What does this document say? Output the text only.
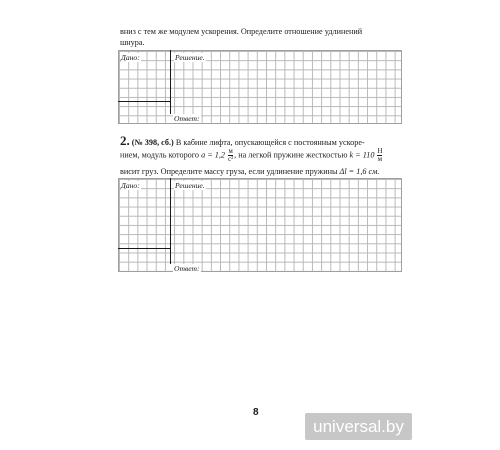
вниз с тем же модулем ускорения. Определите отношение удлинений

шнура.

Дано:	Решение.
Ответ:

2. (№ 398, сб.) В кабине лифта, опускающейся с постоянным ускоре-

нием, модуль которого $a = 1,2 \frac{м}{\text{с²}}$ , на легкой пружине жесткостью $k = 110 \frac{Н}{м}$

висит груз. Определите массу груза, если удлинение пружины Δl = 1,6 см.

Дано:	Решение.
Ответ:
8
universal.by
